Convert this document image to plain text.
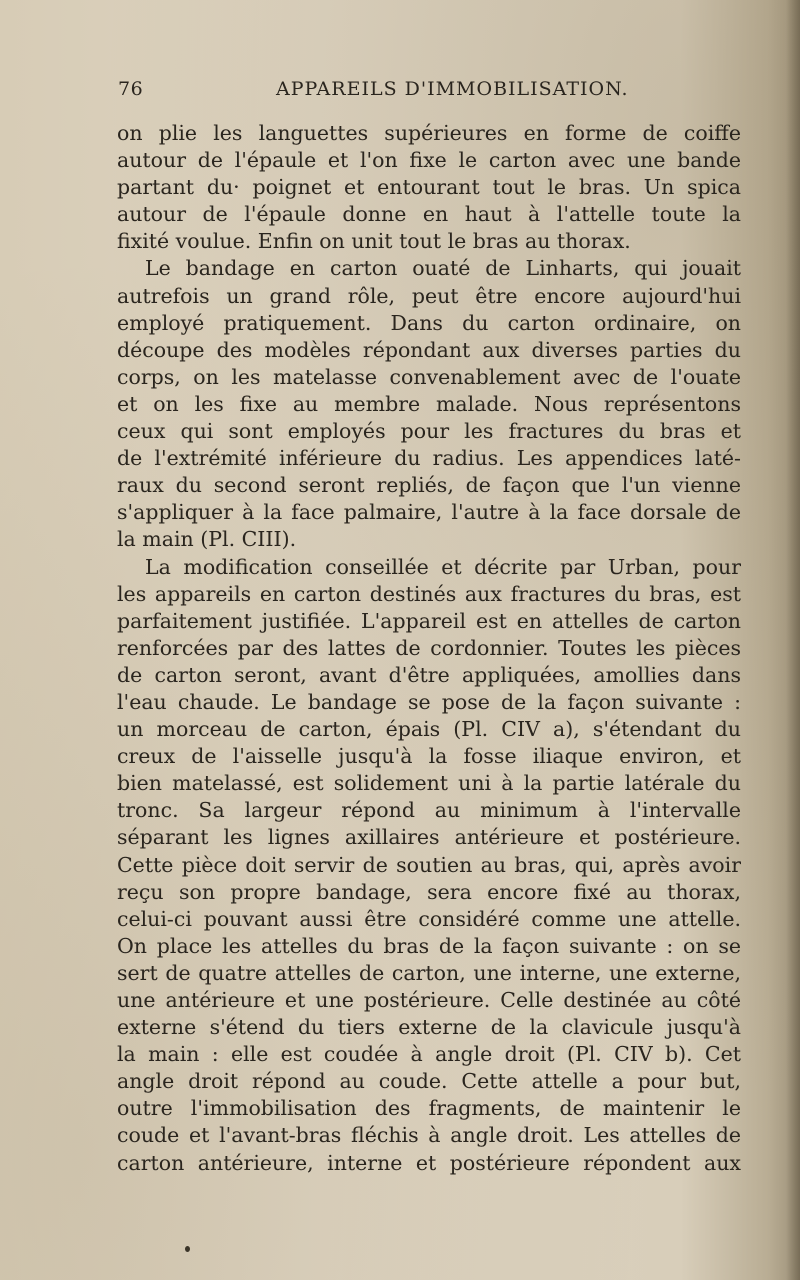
76	APPAREILS D'IMMOBILISATION.
on plie les languettes supérieures en forme de coiffe
autour de l'épaule et l'on fixe le carton avec une bande
partant du· poignet et entourant tout le bras. Un spica
autour de l'épaule donne en haut à l'attelle toute la
fixité voulue. Enfin on unit tout le bras au thorax.
Le bandage en carton ouaté de Linharts, qui jouait
autrefois un grand rôle, peut être encore aujourd'hui
employé pratiquement. Dans du carton ordinaire, on
découpe des modèles répondant aux diverses parties du
corps, on les matelasse convenablement avec de l'ouate
et on les fixe au membre malade. Nous représentons
ceux qui sont employés pour les fractures du bras et
de l'extrémité inférieure du radius. Les appendices laté-
raux du second seront repliés, de façon que l'un vienne
s'appliquer à la face palmaire, l'autre à la face dorsale de
la main (Pl. CIII).
La modification conseillée et décrite par Urban, pour
les appareils en carton destinés aux fractures du bras, est
parfaitement justifiée. L'appareil est en attelles de carton
renforcées par des lattes de cordonnier. Toutes les pièces
de carton seront, avant d'être appliquées, amollies dans
l'eau chaude. Le bandage se pose de la façon suivante :
un morceau de carton, épais (Pl. CIV a), s'étendant du
creux de l'aisselle jusqu'à la fosse iliaque environ, et
bien matelassé, est solidement uni à la partie latérale du
tronc. Sa largeur répond au minimum à l'intervalle
séparant les lignes axillaires antérieure et postérieure.
Cette pièce doit servir de soutien au bras, qui, après avoir
reçu son propre bandage, sera encore fixé au thorax,
celui-ci pouvant aussi être considéré comme une attelle.
On place les attelles du bras de la façon suivante : on se
sert de quatre attelles de carton, une interne, une externe,
une antérieure et une postérieure. Celle destinée au côté
externe s'étend du tiers externe de la clavicule jusqu'à
la main : elle est coudée à angle droit (Pl. CIV b). Cet
angle droit répond au coude. Cette attelle a pour but,
outre l'immobilisation des fragments, de maintenir le
coude et l'avant-bras fléchis à angle droit. Les attelles de
carton antérieure, interne et postérieure répondent aux
